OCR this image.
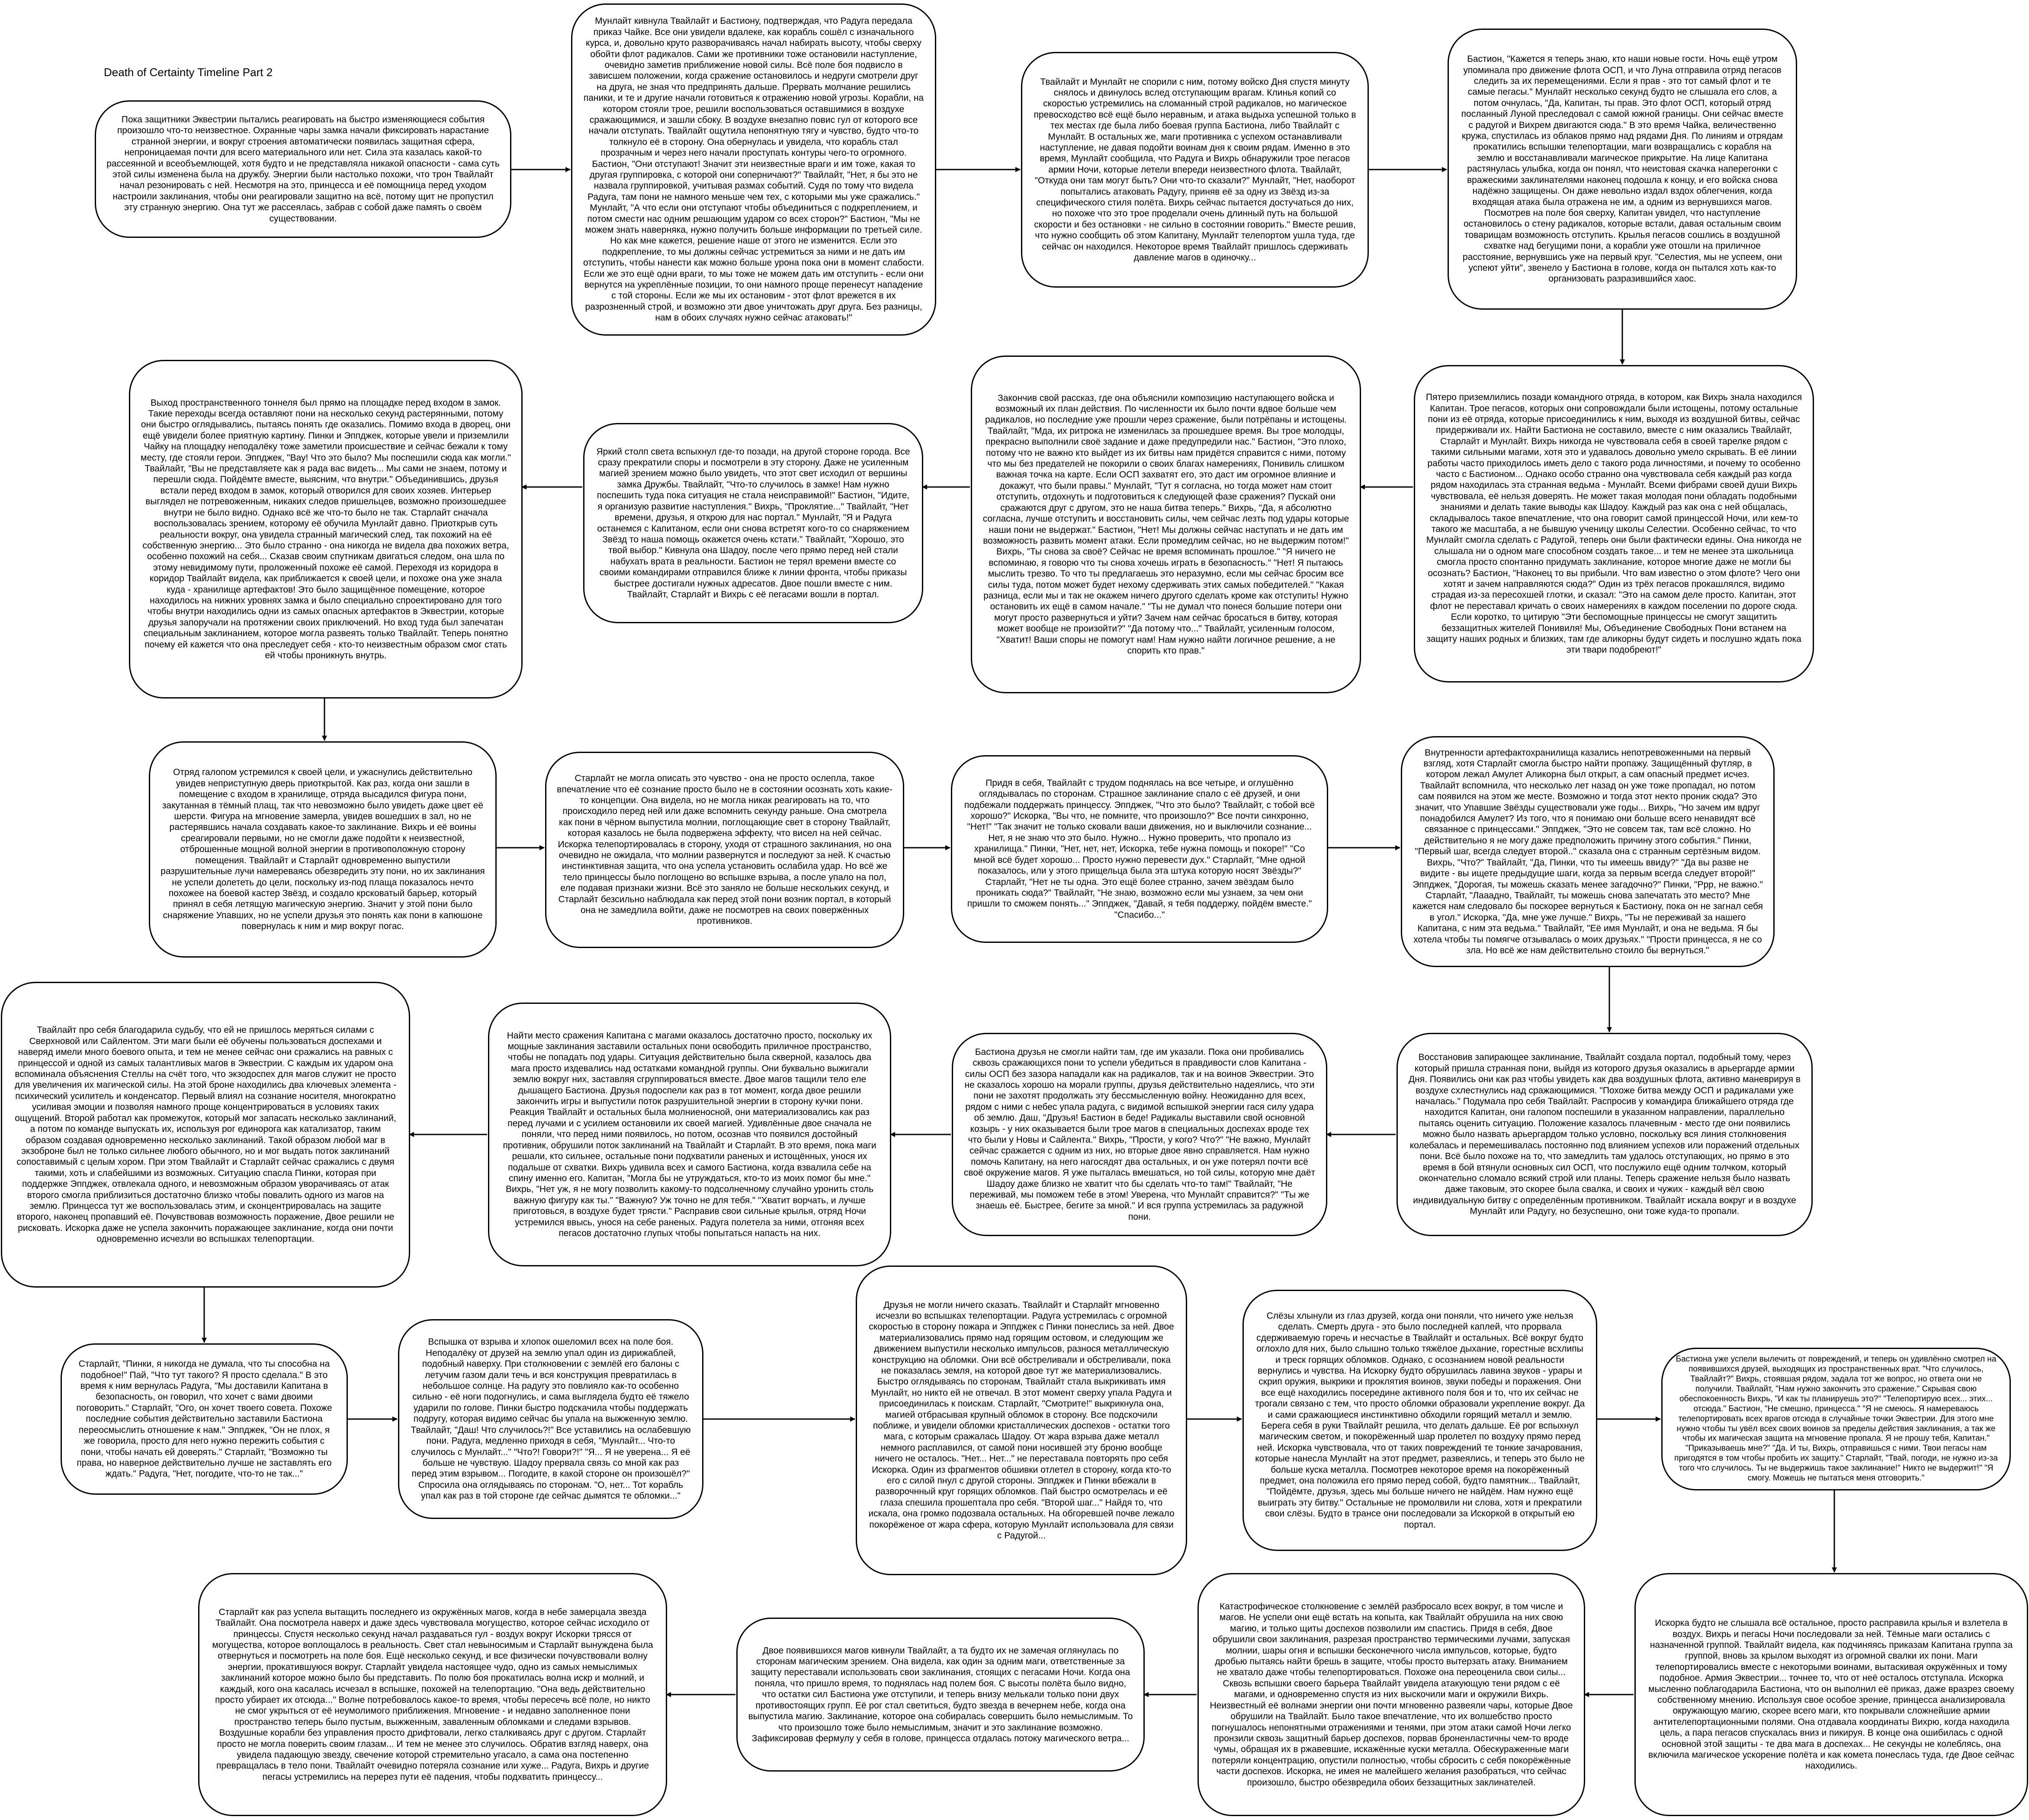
Death of Certainty Timeline Part 2
Пока защитники Эквестрии пытались реагировать на быстро изменяющиеся события произошло что-то неизвестное. Охранные чары замка начали фиксировать нарастание странной энергии, и вокруг строения автоматически появилась защитная сфера, непроницаемая почти для всего материального или нет. Сила эта казалась какой-то рассеянной и всеобъемлющей, хотя будто и не представляла никакой опасности - сама суть этой силы изменена была на дружбу. Энергии были настолько похожи, что трон Твайлайт начал резонировать с ней. Несмотря на это, принцесса и её помощница перед уходом настроили заклинания, чтобы они реагировали защитно на всё, потому щит не пропустил эту странную энергию. Она тут же рассеялась, забрав с собой даже память о своём существовании.
Мунлайт кивнула Твайлайт и Бастиону, подтверждая, что Радуга передала приказ Чайке. Все они увидели вдалеке, как корабль сошёл с изначального курса, и, довольно круто разворачиваясь начал набирать высоту, чтобы сверху обойти флот радикалов. Сами же противники тоже остановили наступление, очевидно заметив приближение новой силы. Всё поле боя подвисло в зависшем положении, когда сражение остановилось и недруги смотрели друг на друга, не зная что предпринять дальше. Прервать молчание решились паники, и те и другие начали готовиться к отражению новой угрозы. Корабли, на котором стояли трое, решили воспользоваться оставшимися в воздухе сражающимися, и зашли сбоку. В воздухе внезапно повис гул от которого все начали отступать. Твайлайт ощутила непонятную тягу и чувство, будто что-то толкнуло её в сторону. Она обернулась и увидела, что корабль стал прозрачным и через него начали проступать контуры чего-то огромного. Бастион, "Они отступают! Значит эти неизвестные враги и им тоже, какая то другая группировка, с которой они соперничают?" Твайлайт, "Нет, я бы это не назвала группировкой, учитывая размах событий. Судя по тому что видела Радуга, там пони не намного меньше чем тех, с которыми мы уже сражались." Мунлайт, "А что если они отступают чтобы объединиться с подкреплением, и потом смести нас одним решающим ударом со всех сторон?" Бастион, "Мы не можем знать наверняка, нужно получить больше информации по третьей силе. Но как мне кажется, решение наше от этого не изменится. Если это подкрепление, то мы должны сейчас устремиться за ними и не дать им отступить, чтобы нанести как можно больше урона пока они в момент слабости. Если же это ещё одни враги, то мы тоже не можем дать им отступить - если они вернутся на укреплённые позиции, то они намного проще перенесут нападение с той стороны. Если же мы их остановим - этот флот врежется в их разрозненный строй, и возможно эти двое уничтожать друг друга. Без разницы, нам в обоих случаях нужно сейчас атаковать!"
Твайлайт и Мунлайт не спорили с ним, потому войско Дня спустя минуту снялось и двинулось вслед отступающим врагам. Клинья копий со скоростью устремились на сломанный строй радикалов, но магическое превосходство всё ещё было неравным, и атака выдыха успешной только в тех местах где была либо боевая группа Бастиона, либо Твайлайт с Мунлайт. В остальных же, маги противника с успехом останавливали наступление, не давая подойти воинам дня к своим рядам. Именно в это время, Мунлайт сообщила, что Радуга и Вихрь обнаружили трое пегасов армии Ночи, которые летели впереди неизвестного флота. Твайлайт, "Откуда они там могут быть? Они что-то сказали?" Мунлайт, "Нет, наоборот попытались атаковать Радугу, приняв её за одну из Звёзд из-за специфического стиля полёта. Вихрь сейчас пытается достучаться до них, но похоже что это трое проделали очень длинный путь на большой скорости и без остановки - не сильно в состоянии говорить." Вместе решив, что нужно сообщить об этом Капитану, Мунлайт телепортом ушла туда, где сейчас он находился. Некоторое время Твайлайт пришлось сдерживать давление магов в одиночку...
Бастион, "Кажется я теперь знаю, кто наши новые гости. Ночь ещё утром упоминала про движение флота ОСП, и что Луна отправила отряд пегасов следить за их перемещениями. Если я прав - это тот самый флот и те самые пегасы." Мунлайт несколько секунд будто не слышала его слов, а потом очнулась, "Да, Капитан, ты прав. Это флот ОСП, который отряд посланный Луной преследовал с самой южной границы. Они сейчас вместе с радугой и Вихрем двигаются сюда." В это время Чайка, величественно кружа, спустилась из облаков прямо над рядами Дня. По линиям и отрядам прокатились вспышки телепортации, маги возвращались с корабля на землю и восстанавливали магическое прикрытие. На лице Капитана растянулась улыбка, когда он понял, что неистовая скачка наперегонки с вражескими заклинателями наконец подошла к концу, и его войска снова надёжно защищены. Он даже невольно издал вздох облегчения, когда входящая атака была отражена не им, а одним из вернувшихся магов. Посмотрев на поле боя сверху, Капитан увидел, что наступление остановилось о стену радикалов, которые встали, давая остальным своим товарищам возможность отступить. Крылья пегасов сошлись в воздушной схватке над бегущими пони, а корабли уже отошли на приличное расстояние, вернувшись уже на первый круг. "Селестия, мы не успеем, они успеют уйти", звенело у Бастиона в голове, когда он пытался хоть как-то организовать разразившийся хаос.
Пятеро приземлились позади командного отряда, в котором, как Вихрь знала находился Капитан. Трое пегасов, которых они сопровождали были истощены, потому остальные пони из её отряда, которые присоединились к ним, выходя из воздушной битвы, сейчас придерживали их. Найти Бастиона не составило, вместе с ним оказались Твайлайт, Старлайт и Мунлайт. Вихрь никогда не чувствовала себя в своей тарелке рядом с такими сильными магами, хотя это и удавалось довольно умело скрывать. В её линии работы часто приходилось иметь дело с такого рода личностями, и почему то особенно часто с Бастионом... Однако особо странно она чувствовала себя каждый раз когда рядом находилась эта странная ведьма - Мунлайт. Всеми фибрами своей души Вихрь чувствовала, её нельзя доверять. Не может такая молодая пони обладать подобными знаниями и делать такие выводы как Шадоу. Каждый раз как она с ней общалась, складывалось такое впечатление, что она говорит самой принцессой Ночи, или кем-то такого же масштаба, а не бывшую ученицу школы Селестии. Особенно сейчас, то что Мунлайт смогла сделать с Радугой, теперь они были фактически едины. Она никогда не слышала ни о одном маге способном создать такое... и тем не менее эта школьница смогла просто спонтанно придумать заклинание, которое многие даже не могли бы осознать? Бастион, "Наконец то вы прибыли. Что вам известно о этом флоте? Чего они хотят и зачем направляются сюда?" Один из трёх пегасов прокашлялся, видимо страдая из-за пересохшей глотки, и сказал: "Это на самом деле просто. Капитан, этот флот не переставал кричать о своих намерениях в каждом поселении по дороге сюда. Если коротко, то цитирую "Эти беспомощные принцессы не смогут защитить беззащитных жителей Понивиля! Мы, Объединение Свободных Пони встанем на защиту наших родных и близких, там где аликорны будут сидеть и послушно ждать пока эти твари подобреют!"
Закончив свой рассказ, где она объяснили композицию наступающего войска и возможный их план действия. По численности их было почти вдвое больше чем радикалов, но последние уже прошли через сражение, были потрёпаны и истощены. Твайлайт, "Мда, их ритрока не изменилась за прошедшее время. Вы трое молодцы, прекрасно выполнили своё задание и даже предупредили нас." Бастион, "Это плохо, потому что не важно кто выйдет из их битвы нам придётся справится с ними, потому что мы без предателей не покорили о своих благах намерениях, Понивиль слишком важная точка на карте. Если ОСП захватят его, это даст им огромное влияние и докажут, что были правы." Мунлайт, "Тут я согласна, но тогда может нам стоит отступить, отдохнуть и подготовиться к следующей фазе сражения? Пускай они сражаются друг с другом, это не наша битва теперь." Вихрь, "Да, я абсолютно согласна, лучше отступить и восстановить силы, чем сейчас лезть под удары которые наши пони не выдержат." Бастион, "Нет! Мы должны сейчас наступать и не дать им возможность развить момент атаки. Если промедлим сейчас, но не выдержим потом!" Вихрь, "Ты снова за своё? Сейчас не время вспоминать прошлое." "Я ничего не вспоминаю, я говорю что ты снова хочешь играть в безопасность." "Нет! Я пытаюсь мыслить трезво. То что ты предлагаешь это неразумно, если мы сейчас бросим все силы туда, потом может будет нехому сдерживать этих самых победителей." "Какая разница, если мы и так не окажем ничего другого сделать кроме как отступить! Нужно остановить их ещё в самом начале." "Ты не думал что понеся большие потери они могут просто развернуться и уйти? Зачем нам сейчас бросаться в битву, которая может вообще не произойти?" "Да потому что..." Твайлайт, усиленным голосом, "Хватит! Ваши споры не помогут нам! Нам нужно найти логичное решение, а не спорить кто прав."
Яркий столп света вспыхнул где-то позади, на другой стороне города. Все сразу прекратили споры и посмотрели в эту сторону. Даже не усиленным магией зрением можно было увидеть, что этот свет исходил от вершины замка Дружбы. Твайлайт, "Что-то случилось в замке! Нам нужно поспешить туда пока ситуация не стала неисправимой!" Бастион, "Идите, я организую развитие наступления." Вихрь, "Проклятие..." Твайлайт, "Нет времени, друзья, я открою для нас портал." Мунлайт, "Я и Радуга останемся с Капитаном, если они снова встретят кого-то со снаряжением Звёзд то наша помощь окажется очень кстати." Твайлайт, "Хорошо, это твой выбор." Кивнула она Шадоу, после чего прямо перед ней стали набухать врата в реальности. Бастион не терял времени вместе со своими командирами отправился ближе к линии фронта, чтобы приказы быстрее достигали нужных адресатов. Двое пошли вместе с ним. Твайлайт, Старлайт и Вихрь с её пегасами вошли в портал.
Выход пространственного тоннеля был прямо на площадке перед входом в замок. Такие переходы всегда оставляют пони на несколько секунд растерянными, потому они быстро оглядывались, пытаясь понять где оказались. Помимо входа в дворец, они ещё увидели более приятную картину. Пинки и Эппджек, которые увели и приземлили Чайку на площадку неподалёку тоже заметили происшествие и сейчас бежали к тому месту, где стояли герои. Эппджек, "Вау! Что это было? Мы поспешили сюда как могли." Твайлайт, "Вы не представляете как я рада вас видеть... Мы сами не знаем, потому и перешли сюда. Пойдёмте вместе, выясним, что внутри." Объединившись, друзья встали перед входом в замок, который отворился для своих хозяев. Интерьер выглядел не потревоженным, никаких следов пришельцев, возможно произошедшее внутри не было видно. Однако всё же что-то было не так. Старлайт сначала воспользовалась зрением, которому её обучила Мунлайт давно. Приоткрыв суть реальности вокруг, она увидела странный магический след, так похожий на её собственную энергию... Это было странно - она никогда не видела два похожих ветра, особенно похожий на себя... Сказав своим спутникам двигаться следом, она шла по этому невидимому пути, проложенный похоже её самой. Переходя из коридора в коридор Твайлайт видела, как приближается к своей цели, и похоже она уже знала куда - хранилище артефактов! Это было защищённое помещение, которое находилось на нижних уровнях замка и было специально спроектировано для того чтобы внутри находились одни из самых опасных артефактов в Эквестрии, которые друзья запоручали на протяжении своих приключений. Но вход туда был запечатан специальным заклинанием, которое могла развеять только Твайлайт. Теперь понятно почему ей кажется что она преследует себя - кто-то неизвестным образом смог стать ей чтобы проникнуть внутрь.
Отряд галопом устремился к своей цели, и ужаснулись действительно увидев неприступную дверь приоткрытой. Как раз, когда они зашли в помещение с входом в хранилище, отряда высадился фигура пони, закутанная в тёмный плащ, так что невозможно было увидеть даже цвет её шерсти. Фигура на мгновение замерла, увидев вошедших в зал, но не растерявшись начала создавать какое-то заклинание. Вихрь и её воины среагировали первыми, но не смогли даже подойти к неизвестной, отброшенные мощной волной энергии в противоположную сторону помещения. Твайлайт и Старлайт одновременно выпустили разрушительные лучи намереваясь обезвредить эту пони, но их заклинания не успели долететь до цели, поскольку из-под плаща показалось нечто похожее на боевой кастер Звёзд, и создало крсковатый барьер, который принял в себя летящую магическую энергию. Значит у этой пони было снаряжение Упавших, но не успели друзья это понять как пони в капюшоне повернулась к ним и мир вокруг погас.
Старлайт не могла описать это чувство - она не просто ослепла, такое впечатление что её сознание просто было не в состоянии осознать хоть какие-то концепции. Она видела, но не могла никак реагировать на то, что происходило перед ней или даже вспомнить секунду раньше. Она смотрела как пони в чёрном выпустила молнии, поглощающие свет в сторону Твайлайт, которая казалось не была подвержена эффекту, что висел на ней сейчас. Искорка телепортировалась в сторону, уходя от страшного заклинания, но она очевидно не ожидала, что молнии развернутся и последуют за ней. К счастью инстинктивная защита, что она успела установить ослабила удар. Но всё же тело принцессы было поглощено во вспышке взрыва, а после упало на пол, еле подавая признаки жизни. Всё это заняло не больше нескольких секунд, и Старлайт безсильно наблюдала как перед этой пони возник портал, в который она не замедлила войти, даже не посмотрев на своих повержённых противников.
Придя в себя, Твайлайт с трудом поднялась на все четыре, и оглушённо оглядывалась по сторонам. Страшное заклинание спало с её друзей, и они подбежали поддержать принцессу. Эппджек, "Что это было? Твайлайт, с тобой всё хорошо?" Искорка, "Вы что, не помните, что произошло?" Все почти синхронно, "Нет!" "Так значит не только сковали ваши движения, но и выключили сознание... Нет, я не знаю что это было. Нужно... Нужно проверить, что пропало из хранилища." Пинки, "Нет, нет, нет, Искорка, тебе нужна помощь и покоре!" "Со мной всё будет хорошо... Просто нужно перевести дух." Старлайт, "Мне одной показалось, или у этого прищельца была эта штука которую носят Звёзды?" Старлайт, "Нет не ты одна. Это ещё более странно, зачем звёздам было проникать сюда?" Твайлайт, "Не знаю, возможно если мы узнаем, за чем они пришли то сможем понять..." Эппджек, "Давай, я тебя поддержу, пойдём вместе." "Спасибо..."
Внутренности артефактохранилища казались непотревоженными на первый взгляд, хотя Старлайт смогла быстро найти пропажу. Защищённый футляр, в котором лежал Амулет Аликорна был открыт, а сам опасный предмет исчез. Твайлайт вспомнила, что несколько лет назад он уже тоже пропадал, но потом сам появился на этом же месте. Возможно и тогда этот некто проник сюда? Это значит, что Упавшие Звёзды существовали уже годы... Вихрь, "Но зачем им вдруг понадобился Амулет? Из того, что я понимаю они больше всего ненавидят всё связанное с принцессами." Эппджек, "Это не совсем так, там всё сложно. Но действительно я не могу даже предположить причину этого события." Пинки, "Первый шаг, всегда следует второй.." сказала она с странным сертёзным видом. Вихрь, "Что?" Твайлайт, "Да, Пинки, что ты имеешь ввиду?" "Да вы разве не видите - вы ищете предыдущие шаги, когда за первым всегда следует второй!" Эппджек, "Дорогая, ты можешь сказать менее загадочно?" Пинки, "Ррр, не важно." Старлайт, "Лааадно, Твайлайт, ты можешь снова запечатать это место? Мне кажется нам следовало бы поскорее вернуться к Бастиону, пока он не загнал себя в угол." Искорка, "Да, мне уже лучше." Вихрь, "Ты не переживай за нашего Капитана, с ним эта ведьма." Твайлайт, "Её имя Мунлайт, и она не ведьма. Я бы хотела чтобы ты помягче отзывалась о моих друзьях." "Прости принцесса, я не со зла. Но всё же нам действительно стоило бы вернуться."
Восстановив запирающее заклинание, Твайлайт создала портал, подобный тому, через который пришла странная пони, выйдя из которого друзья оказались в арьергарде армии Дня. Появились они как раз чтобы увидеть как два воздушных флота, активно маневрируя в воздухе схлестнулись над сражающимися. "Похоже битва между ОСП и радикалами уже началась." Подумала про себя Твайлайт. Распросив у командира ближайшего отряда где находится Капитан, они галопом поспешили в указанном направлении, параллельно пытаясь оценить ситуацию. Положение казалось плачевным - место где они появились можно было назвать арьергардом только условно, поскольку вся линия столкновения колебалась и перемешивалась постоянно под влиянием успехов или поражений отдельных пони. Всё было похоже на то, что замедлить там удалось отступающих, но прямо в это время в бой втянули основных сил ОСП, что послужило ещё одним толчком, который окончательно сломало всякий строй или планы. Теперь сражение нельзя было назвать даже таковым, это скорее была свалка, и своих и чужих - каждый вёл свою индивидуальную битву с определённым противником. Твайлайт искала вокруг и в воздухе Мунлайт или Радугу, но безуспешно, они тоже куда-то пропали.
Бастиона друзья не смогли найти там, где им указали. Пока они пробивались сквозь сражающихся пони то успели убедиться в правдивости слов Капитана - силы ОСП без зазора нападали как на радикалов, так и на воинов Эквестрии. Это не сказалось хорошо на морали группы, друзья действительно надеялись, что эти пони не захотят продолжать эту бессмысленную войну. Неожиданно для всех, рядом с ними с небес упала радуга, с видимой вспышкой энергии гася силу удара об землю. Даш, "Друзья! Бастион в беде! Радикалы выставили свой основной козырь - у них оказывается были трое магов в специальных доспехах вроде тех что были у Новы и Сайлента." Вихрь, "Прости, у кого? Что?" "Не важно, Мунлайт сейчас сражается с одним из них, но вторые двое явно справляется. Нам нужно помочь Капитану, на него нагосядят два остальных, и он уже потерял почти всё своё окружение магов. Я уже пыталась вмешаться, но той силы, которую мне даёт Шадоу даже близко не хватит что бы сделать что-то там!" Твайлайт, "Не переживай, мы поможем тебе в этом! Уверена, что Мунлайт справится?" "Ты же знаешь её. Быстрее, бегите за мной." И вся группа устремилась за радужной пони.
Найти место сражения Капитана с магами оказалось достаточно просто, поскольку их мощные заклинания заставили остальных пони освободить приличное пространство, чтобы не попадать под удары. Ситуация действительно была скверной, казалось два мага просто издевались над остатками командной группы. Они буквально выжигали землю вокруг них, заставляя сгруппироваться вместе. Двое магов тащили тело еле дышащего Бастиона. Друзья подоспели как раз в тот момент, когда двое решили закончить игры и выпустили поток разрушительной энергии в сторону кучки пони. Реакция Твайлайт и остальных была молниеносной, они материализовались как раз перед лучами и с усилием остановили их своей магией. Удивлённые двое сначала не поняли, что перед ними появилось, но потом, осознав что появился достойный противник, обрушили поток заклинаний на Твайлайт и Старлайт. В это время, пока маги решали, кто сильнее, остальные пони подхватили раненых и истощённых, унося их подальше от схватки. Вихрь удивила всех и самого Бастиона, когда взвалила себе на спину именно его. Капитан, "Могла бы не утруждаться, кто-то из моих помог бы мне." Вихрь, "Нет уж, я не могу позволить какому-то подсолнечному случайно уронить столь важную фигуру как ты." "Важную? Уж точно не для тебя." "Хватит ворчать, и лучше приготовься, в воздухе будет трясти." Расправив свои сильные крылья, отряд Ночи устремился ввысь, унося на себе раненых. Радуга полетела за ними, отгоняя всех пегасов достаточно глупых чтобы попытаться напасть на них.
Твайлайт про себя благодарила судьбу, что ей не пришлось меряться силами с Сверхновой или Сайлентом. Эти маги были её обучены пользоваться доспехами и наверяд имели много боевого опыта, и тем не менее сейчас они сражались на равных с принцессой и одной из самых талантливых магов в Эквестрии. С каждым их ударом она вспоминала объяснения Стеллы на счёт того, что экзодоспех для магов служит не просто для увеличения их магической силы. На этой броне находились два ключевых элемента - психический усилитель и конденсатор. Первый влиял на сознание носителя, многократно усиливая эмоции и позволяя намного проще концентрироваться в условиях таких ощущений. Второй работал как промежуток, который мог запасать несколько заклинаний, а потом по команде выпускать их, используя рог единорога как катализатор, таким образом создавая одновременно несколько заклинаний. Такой образом любой маг в экзоброне был не только сильнее любого обычного, но и мог выдать поток заклинаний сопоставимый с целым хором. При этом Твайлайт и Старлайт сейчас сражались с двумя такими, хоть и слабейшими из возможных. Ситуацию спасла Пинки, которая при поддержке Эппджек, отвлекала одного, и невозможным образом уворачиваясь от атак второго смогла приблизиться достаточно близко чтобы повалить одного из магов на землю. Принцесса тут же воспользовалась этим, и сконцентрировалась на защите второго, наконец пропавший её. Почувствовав возможность поражение, Двое решили не рисковать. Искорка даже не успела закончить поражающее заклинание, когда они почти одновременно исчезли во вспышках телепортации.
Старлайт, "Пинки, я никогда не думала, что ты способна на подобное!" Пай, "Что тут такого? Я просто сделала." В это время к ним вернулась Радуга, "Мы доставили Капитана в безопасность, он говорил, что хочет с вами двоими поговорить." Старлайт, "Ого, он хочет твоего совета. Похоже последние события действительно заставили Бастиона переосмыслить отношение к нам." Эппджек, "Он не плох, я же говорила, просто для него нужно пережить события с пони, чтобы начать ей доверять." Старлайт, "Возможно ты права, но наверное действительно лучше не заставлять его ждать." Радуга, "Нет, погодите, что-то не так..."
Вспышка от взрыва и хлопок ошеломил всех на поле боя. Неподалёку от друзей на землю упал один из дирижаблей, подобный наверху. При столкновении с землёй его балоны с летучим газом дали течь и вся конструкция превратилась в небольшое солнце. На радугу это повлияло как-то особенно сильно - её ноги подогнулись, и сама выглядела будто её тяжело ударили по голове. Пинки быстро подскачила чтобы поддержать подругу, которая видимо сейчас бы упала на выжженную землю. Твайлайт, "Даш! Что случилось?!" Все уставились на ослабевшую пони. Радуга, медленно приходя в себя, "Мунлайт... Что-то случилось с Мунлайт..." "Что?! Говори?!" "Я... Я не уверена... Я её больше не чувствую. Шадоу прервала связь со мной как раз перед этим взрывом... Погодите, в какой стороне он произошёл?" Спросила она оглядываясь по сторонам. "О, нет... Тот корабль упал как раз в той стороне где сейчас дымятся те обломки..."
Друзья не могли ничего сказать. Твайлайт и Старлайт мгновенно исчезли во вспышках телепортации. Радуга устремилась с огромной скоростью в сторону пожара и Эппджек с Пинки понеслись за ней. Двое материализовались прямо над горящим остовом, и следующим же движением выпустили несколько импульсов, разнося металлическую конструкцию на обломки. Они всё обстреливали и обстреливали, пока не показалась земля, на которой двое тут же материализовались. Быстро оглядываясь по сторонам, Твайлайт стала выкрикивать имя Мунлайт, но никто ей не отвечал. В этот момент сверху упала Радуга и присоединилась к поискам. Старлайт, "Смотрите!" выкрикнула она, магией отбрасывая крупный обломок в сторону. Все подскочили поближе, и увидели обломки кристаллических доспехов - остатки того мага, с которым сражалась Шадоу. От жара взрыва даже металл немного расплавился, от самой пони носившей эту броню вообще ничего не осталось. "Нет... Нет..." не переставала повторять про себя Искорка. Один из фрагментов обшивки отлетел в сторону, когда кто-то его с силой пнул с другой стороны. Эппджек и Пинки вбежали в разворочнный круг горящих обломков. Пай быстро осмотрелась и её глаза спешила прошептала про себя. "Второй шаг..." Найдя то, что искала, она громко подозвала остальных. На обгоревшей почве лежало покорёженое от жара сферa, которую Мунлайт использовала для связи с Радугой...
Слёзы хлынули из глаз друзей, когда они поняли, что ничего уже нельзя сделать. Смерть друга - это было последней каплей, что прорвала сдерживаемую горечь и несчастье в Твайлайт и остальных. Всё вокруг будто оглохло для них, было слышно только тяжёлое дыхание, горестные всхлипы и треск горящих обломков. Однако, с осознанием новой реальности вернулись и чувства. На Искорку будто обрушилась лавина звуков - урары и скрип оружия, выкрики и проклятия воинов, звуки победы и поражения. Они все ещё находились посередине активного поля боя и то, что их сейчас не трогали связано с тем, что просто обломки образовали укрепление вокруг. Да и сами сражающиеся инстинктивно обходили горящий металл и землю. Берега себя в руки Твайлайт решила, что делать дальше. Её рог вспыхнул магическим светом, и покорёженный шар пролетел по воздуху прямо перед ней. Искорка чувствовала, что от таких повреждений те тонкие зачарования, которые нанесла Мунлайт на этот предмет, развеялись, и теперь это было не больше куска металла. Посмотрев некоторое время на покорёженный предмет, она положила его прямо перед собой, будто памятник... Твайлайт, "Пойдёмте, друзья, здесь мы больше ничего не найдём. Нам нужно ещё выиграть эту битву." Остальные не промолвили ни слова, хотя и прекратили свои слёзы. Будто в трансе они последовали за Искоркой в открытый ею портал.
Бастиона уже успели вылечить от повреждений, и теперь он удивлённо смотрел на появившихся друзей, выходящих из пространственных врат. "Что случилось, Твайлайт?" Вихрь, стоявшая рядом, задала тот же вопрос, но ответа они не получили. Твайлайт, "Нам нужно закончить это сражение." Скрывая свою обеспокоенность Вихрь, "И как ты планируешь это?" "Телепортирую всех... этих... отсюда." Бастион, "Не смешно, принцесса." "Я не смеюсь. Я намереваюсь телепортировать всех врагов отсюда в случайные точки Эквестрии. Для этого мне нужно чтобы ты увёл всех своих воинов за пределы действия заклинания, а так же чтобы их магическая защита на мгновение пропала. Я не прошу тебя, Капитан." "Приказываешь мне?" "Да. И ты, Вихрь, отправишься с ними. Твои пегасы нам пригодятся в том чтобы пробить их защиту." Старлайт, "Твай, погоди, не нужно из-за того что случилось. Ты не выдержишь такое заклинание!" Никто не выдержит!" "Я смогу. Можешь не пытаться меня отговорить."
Искорка будто не слышала всё остальное, просто расправила крылья и взлетела в воздух. Вихрь и пегасы Ночи последовали за ней. Тёмные маги остались с назначенной группой. Твайлайт видела, как подчиняясь приказам Капитана группа за группой, вновь за крылом выходят из огромной свалки их пони. Маги телепортировались вместе с некоторыми воинами, вытаскивая окружённых и тому подобное. Армия Эквестрии... точнее то, что от неё осталось отступала. Искорка мысленно поблагодарила Бастиона, что он выполнил её приказ, даже вразрез своему собственному мнению. Используя свое особое зрение, принцесса анализировала окружающую магию, скорее всего маги, кто покрывали сложнейшие армии антителепортационными полями. Она отдавала координаты Вихрю, когда находила цель, а пара пегасов спускалась вниз и пикируя. В конце она ошибилась с одной основной этой защиты - те два мага в доспехах... Не секунды не колеблясь, она включила магическое ускорение полёта и как комета понеслась туда, где Двое сейчас находились.
Катастрофическое столкновение с землёй разбросало всех вокруг, в том числе и магов. Не успели они ещё встать на копыта, как Твайлайт обрушила на них свою магию, и только щиты доспехов позволили им спастись. Придя в себя, Двое обрушили свои заклинания, разрезая пространство термическими лучами, запуская молнии, шары огня и вспышки бесконечного числа импульсов, которые, будто дробью пытаясь найти брешь в защите, чтобы просто вытерзать атаку. Вниманием не хватало даже чтобы телепортироваться. Похоже она переоценила свои силы... Сквозь вспышки своего барьера Твайлайт увидела атакующую тени рядом с её магами, и одновременно спустя из них выскочили маги и окружили Вихрь. Неизвестный её волнами энергии они почти мгновенно развеяли чары, которые Двое обрушили на Твайлайт. Было такое впечатление, что их волшебство просто погнушалось непонятными отражениями и тенями, при этом атаки самой Ночи легко пронзили сквозь защитный барьер доспехов, порвав броненластичны чем-то вроде чумы, обращая их в ржавевшие, искажённые куски металла. Обескураженные маги потеряли концентрацию, опустили полностью, чтобы сбросить с себя покорёжённые части доспехов. Искорка, не имея не малейшего желания разобраться, что сейчас произошло, быстро обезвредила обоих беззащитных заклинателей.
Двое появившихся магов кивнули Твайлайт, а та будто их не замечая оглянулась по сторонам магическим зрением. Она видела, как один за одним маги, ответственные за защиту переставали использовать свои заклинания, стоящих с пегасами Ночи. Когда она поняла, что пришло время, то поднялась над полем боя. С высоты полёта было видно, что остатки сил Бастиона уже отступили, и теперь внизу мелькали только пони двух противостоящих групп. Её рог стал светиться, будто звезда в вечернем небе, когда она выпустила магию. Заклинание, которое она собиралась совершить было немыслимым. То что произошло тоже было немыслимым, значит и это заклинание возможно. Зафиксировав фермулу у себя в голове, принцесса отдалась потоку магического ветра...
Старлайт как раз успела вытащить последнего из окружённых магов, когда в небе замерцала звезда Твайлайт. Она посмотрела наверх и даже здесь чувствовала могущество, которое сейчас исходило от принцессы. Спустя несколько секунд начал раздаваться гул - воздух вокруг Искорки трясся от могущества, которое воплощалось в реальность. Свет стал невыносимым и Старлайт вынуждена была отвернуться и посмотреть на поле боя. Ещё несколько секунд, и все физически почувствовали волну энергии, прокатившуюся вокруг. Старлайт увидела настоящее чудо, одно из самых немыслимых заклинаний которое можно было бы представить. По полю боя прокатилась волна искр и молний, и каждый, кого она касалась исчезал в вспышке, похожей на телепортацию. "Она ведь действительно просто убирает их отсюда..." Волне потребовалось какое-то время, чтобы пересечь всё поле, но никто не смог укрыться от её неумолимого приближения. Мгновение - и недавно заполненное пони пространство теперь было пустым, выжженным, заваленным обломками и следами взрывов. Воздушные корабли без управления просто дрифтовали, легко сталкиваясь друг с другом. Старлайт просто не могла поверить своим глазам... И тем не менее это случилось. Обратив взгляд наверх, она увидела падающую звезду, свечение которой стремительно угасало, а сама она постепенно превращалась в тело пони. Твайлайт очевидно потеряла сознание или хуже... Радуга, Вихрь и другие пегасы устремились на перерез пути её падения, чтобы подхватить принцессу...
